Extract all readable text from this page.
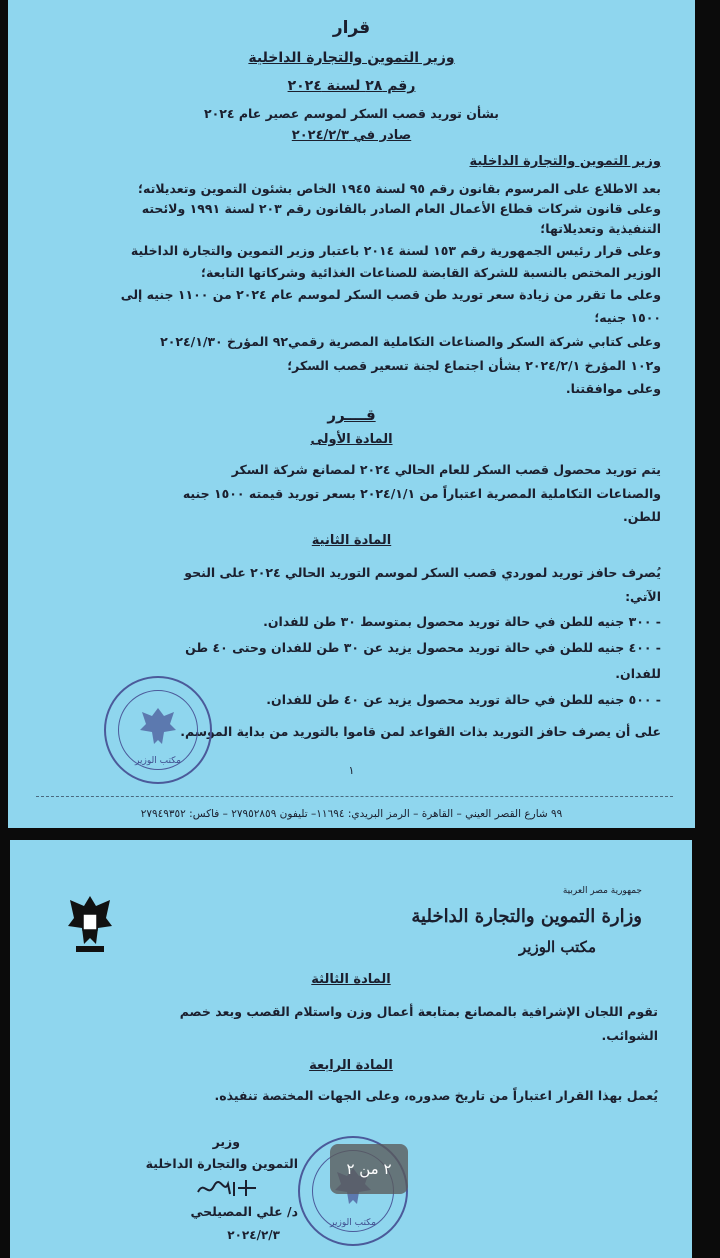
قرار
وزير التموين والتجارة الداخلية
رقم ٢٨ لسنة ٢٠٢٤
بشأن توريد قصب السكر لموسم عصير عام ٢٠٢٤
صادر في ٢٠٢٤/٢/٣
وزير التموين والتجارة الداخلية
بعد الاطلاع على المرسوم بقانون رقم ٩٥ لسنة ١٩٤٥ الخاص بشئون التموين وتعديلاته؛
وعلى قانون شركات قطاع الأعمال العام الصادر بالقانون رقم ٢٠٣ لسنة ١٩٩١ ولائحته
التنفيذية وتعديلاتها؛
وعلى قرار رئيس الجمهورية رقم ١٥٣ لسنة ٢٠١٤ باعتبار وزير التموين والتجارة الداخلية
الوزير المختص بالنسبة للشركة القابضة للصناعات الغذائية وشركاتها التابعة؛
وعلى ما تقرر من زيادة سعر توريد طن قصب السكر لموسم عام ٢٠٢٤ من ١١٠٠ جنيه إلى
١٥٠٠ جنيه؛
وعلى كتابي شركة السكر والصناعات التكاملية المصرية رقمي٩٢ المؤرخ ٢٠٢٤/١/٣٠
و١٠٢ المؤرخ ٢٠٢٤/٢/١ بشأن اجتماع لجنة تسعير قصب السكر؛
وعلى موافقتنا.
قــــرر
المادة الأولى
يتم توريد محصول قصب السكر للعام الحالي ٢٠٢٤ لمصانع شركة السكر
والصناعات التكاملية المصرية اعتباراً من ٢٠٢٤/١/١ بسعر توريد قيمته ١٥٠٠ جنيه
للطن.
المادة الثانية
يُصرف حافز توريد لموردي قصب السكر لموسم التوريد الحالي ٢٠٢٤ على النحو
الآتي:
- ٣٠٠ جنيه للطن في حالة توريد محصول بمتوسط ٣٠ طن للفدان.
- ٤٠٠ جنيه للطن في حالة توريد محصول يزيد عن ٣٠ طن للفدان وحتى ٤٠ طن
للفدان.
- ٥٠٠ جنيه للطن في حالة توريد محصول يزيد عن ٤٠ طن للفدان.
على أن يصرف حافز التوريد بذات القواعد لمن قاموا بالتوريد من بداية الموسم.
١
مكتب الوزير
٩٩ شارع القصر العيني – القاهرة – الرمز البريدي: ١١٦٩٤– تليفون ٢٧٩٥٢٨٥٩ – فاكس: ٢٧٩٤٩٣٥٢
جمهورية مصر العربية
وزارة التموين والتجارة الداخلية
مكتب الوزير
المادة الثالثة
تقوم اللجان الإشرافية بالمصانع بمتابعة أعمال وزن واستلام القصب وبعد خصم
الشوائب.
المادة الرابعة
يُعمل بهذا القرار اعتباراً من تاريخ صدوره، وعلى الجهات المختصة تنفيذه.
وزير
التموين والتجارة الداخلية
د/ علي المصيلحي
٢٠٢٤/٢/٣
مكتب الوزير
٢ من ٢
